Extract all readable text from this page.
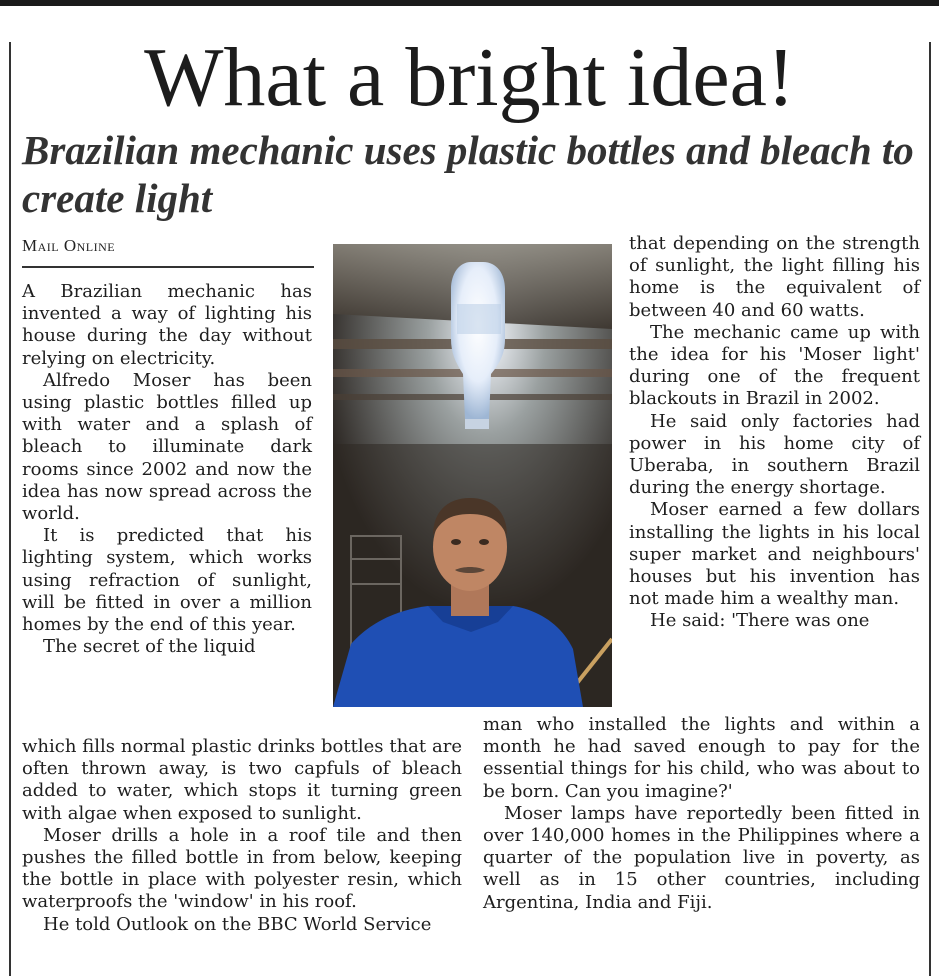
What a bright idea!
Brazilian mechanic uses plastic bottles and bleach to create light
Mail Online

A Brazilian mechanic has invented a way of lighting his house during the day without relying on electricity.

Alfredo Moser has been using plastic bottles filled up with water and a splash of bleach to illuminate dark rooms since 2002 and now the idea has now spread across the world.

It is predicted that his lighting system, which works using refraction of sunlight, will be fitted in over a million homes by the end of this year.

The secret of the liquid

that depending on the strength of sunlight, the light filling his home is the equivalent of between 40 and 60 watts.

The mechanic came up with the idea for his 'Moser light' during one of the frequent blackouts in Brazil in 2002.

He said only factories had power in his home city of Uberaba, in southern Brazil during the energy shortage.

Moser earned a few dollars installing the lights in his local super market and neighbours' houses but his invention has not made him a wealthy man.

He said: 'There was one

which fills normal plastic drinks bottles that are often thrown away, is two capfuls of bleach added to water, which stops it turning green with algae when exposed to sunlight.

Moser drills a hole in a roof tile and then pushes the filled bottle in from below, keeping the bottle in place with polyester resin, which waterproofs the 'window' in his roof.

He told Outlook on the BBC World Service

man who installed the lights and within a month he had saved enough to pay for the essential things for his child, who was about to be born. Can you imagine?'

Moser lamps have reportedly been fitted in over 140,000 homes in the Philippines where a quarter of the population live in poverty, as well as in 15 other countries, including Argentina, India and Fiji.
